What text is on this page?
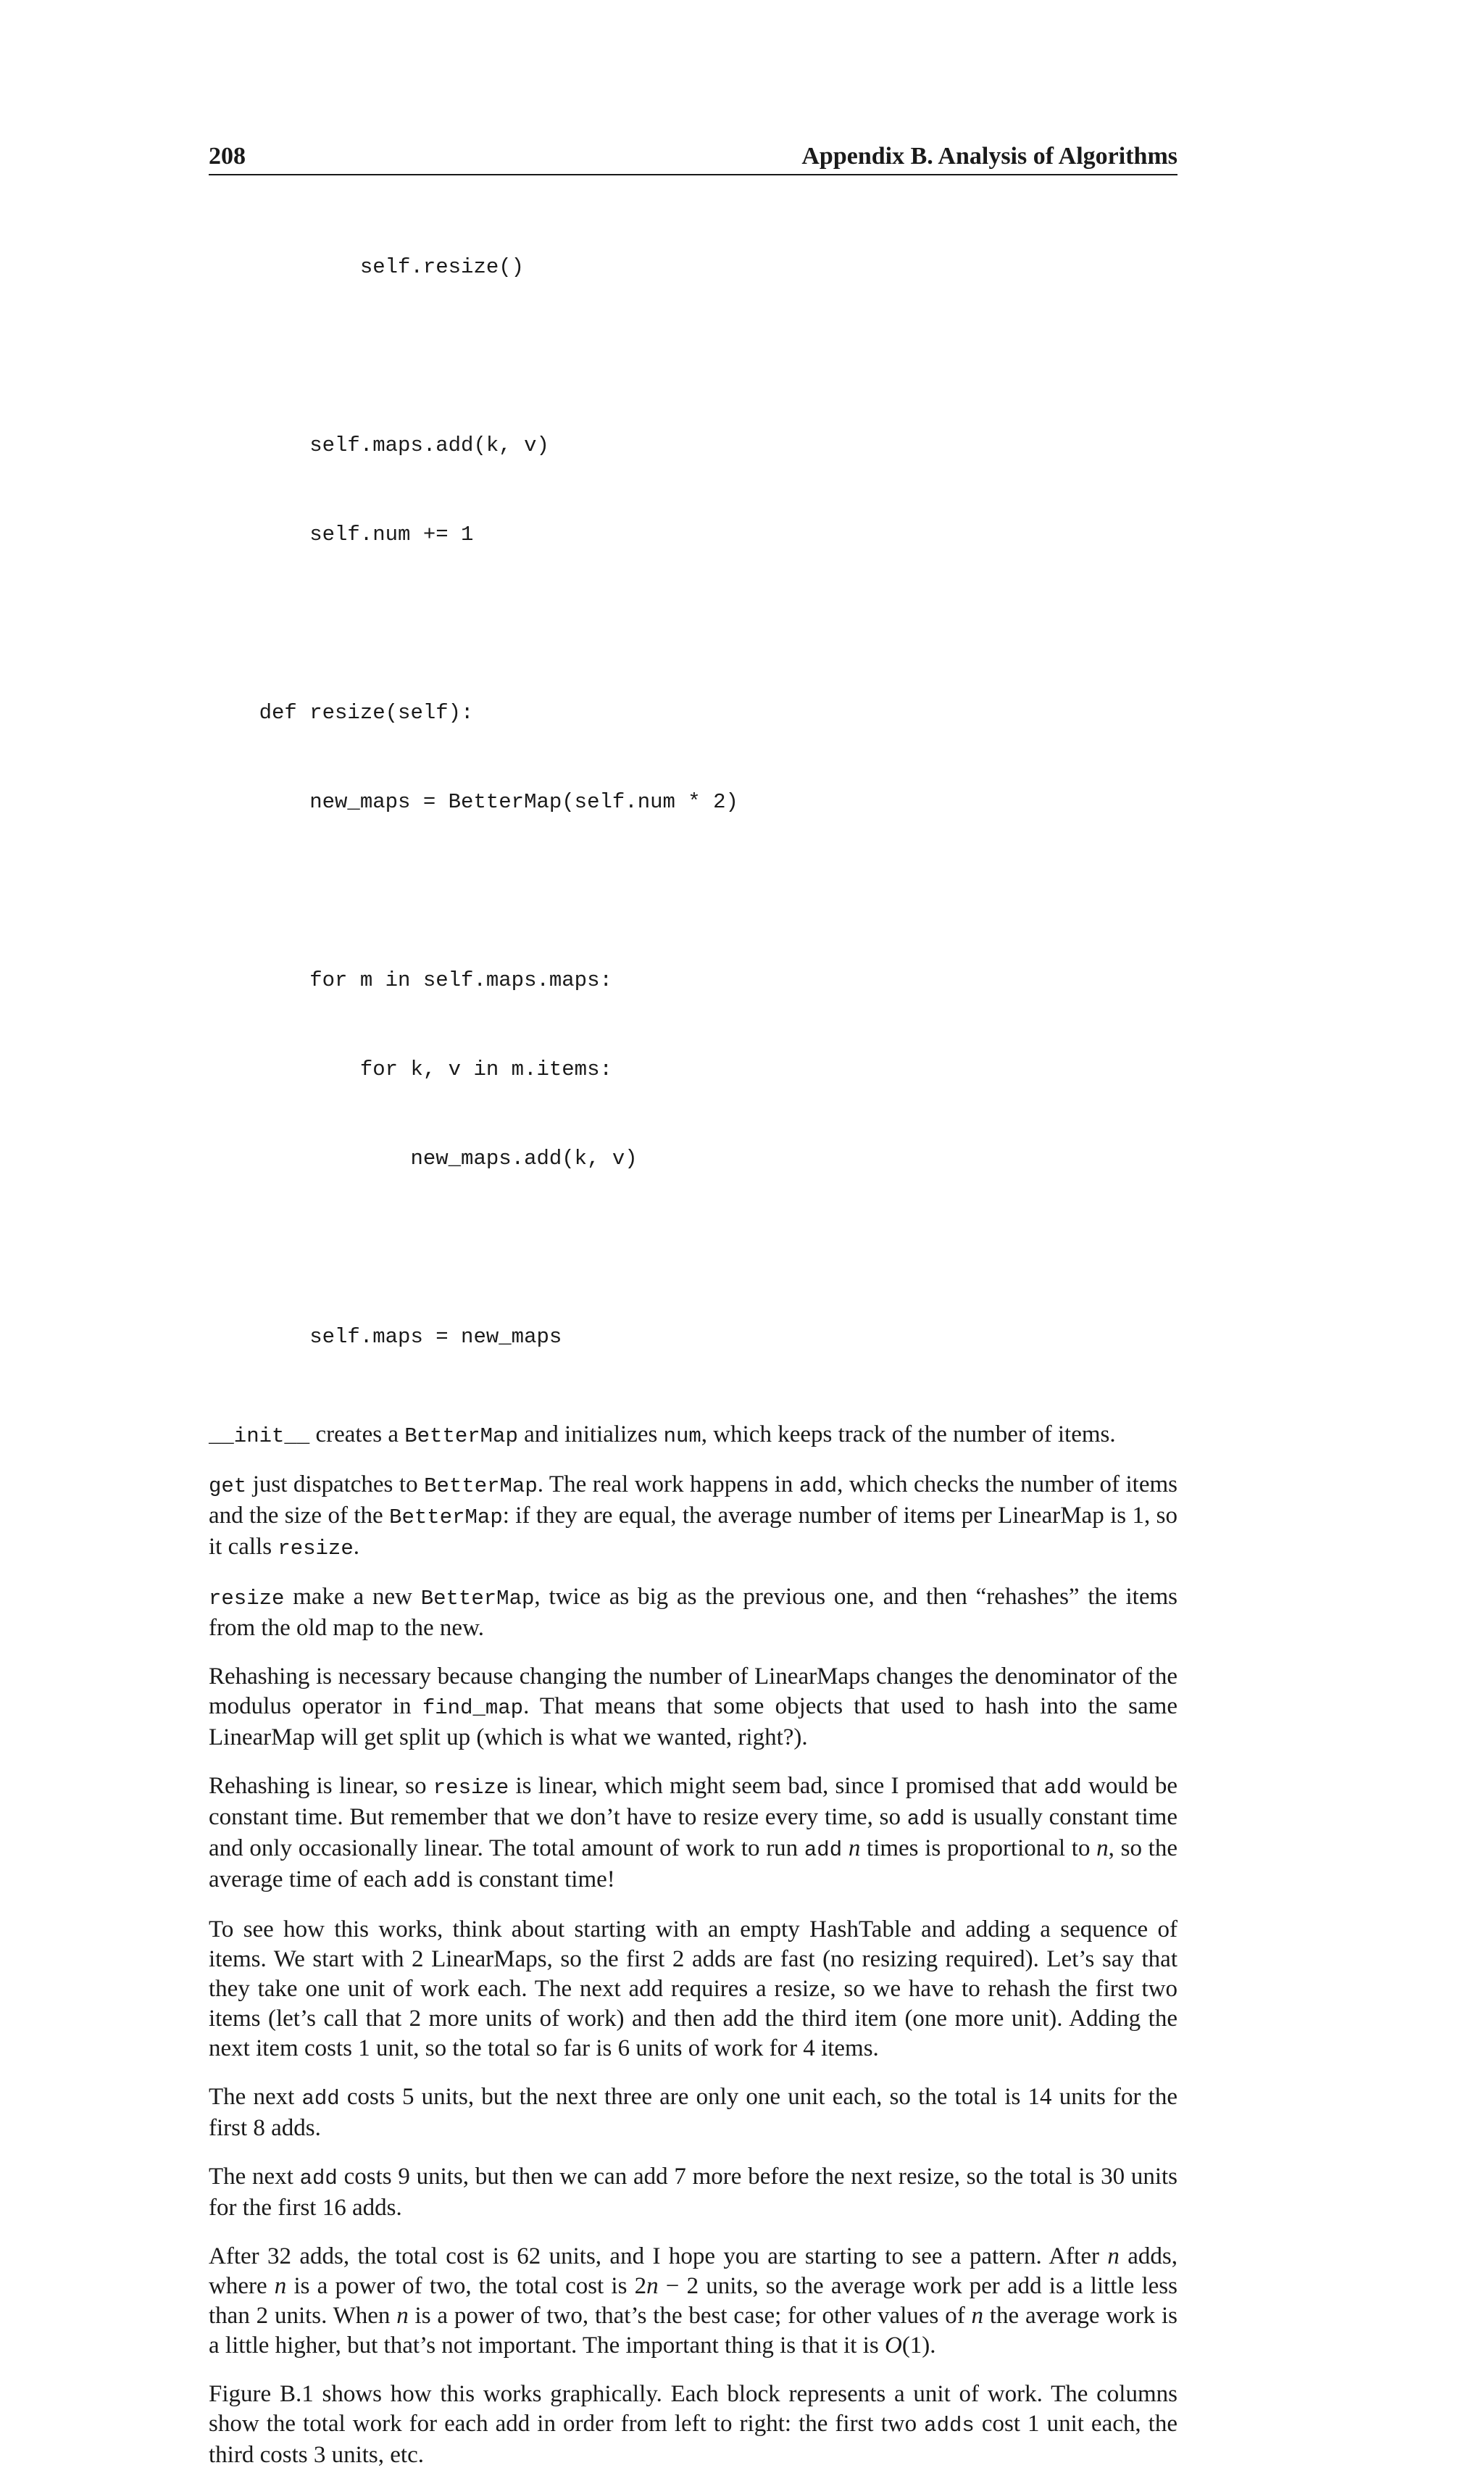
208	Appendix B. Analysis of Algorithms

self.resize()

self.maps.add(k, v)

self.num += 1

def resize(self):

new_maps = BetterMap(self.num * 2)

for m in self.maps.maps:

for k, v in m.items:

new_maps.add(k, v)

self.maps = new_maps

__init__ creates a BetterMap and initializes num, which keeps track of the number of items.

get just dispatches to BetterMap. The real work happens in add, which checks the number of items and the size of the BetterMap: if they are equal, the average number of items per LinearMap is 1, so it calls resize.

resize make a new BetterMap, twice as big as the previous one, and then “rehashes” the items from the old map to the new.

Rehashing is necessary because changing the number of LinearMaps changes the denominator of the modulus operator in find_map. That means that some objects that used to hash into the same LinearMap will get split up (which is what we wanted, right?).

Rehashing is linear, so resize is linear, which might seem bad, since I promised that add would be constant time. But remember that we don’t have to resize every time, so add is usually constant time and only occasionally linear. The total amount of work to run add n times is proportional to n, so the average time of each add is constant time!

To see how this works, think about starting with an empty HashTable and adding a sequence of items. We start with 2 LinearMaps, so the first 2 adds are fast (no resizing required). Let’s say that they take one unit of work each. The next add requires a resize, so we have to rehash the first two items (let’s call that 2 more units of work) and then add the third item (one more unit). Adding the next item costs 1 unit, so the total so far is 6 units of work for 4 items.

The next add costs 5 units, but the next three are only one unit each, so the total is 14 units for the first 8 adds.

The next add costs 9 units, but then we can add 7 more before the next resize, so the total is 30 units for the first 16 adds.

After 32 adds, the total cost is 62 units, and I hope you are starting to see a pattern. After n adds, where n is a power of two, the total cost is 2n − 2 units, so the average work per add is a little less than 2 units. When n is a power of two, that’s the best case; for other values of n the average work is a little higher, but that’s not important. The important thing is that it is O(1).

Figure B.1 shows how this works graphically. Each block represents a unit of work. The columns show the total work for each add in order from left to right: the first two adds cost 1 unit each, the third costs 3 units, etc.
